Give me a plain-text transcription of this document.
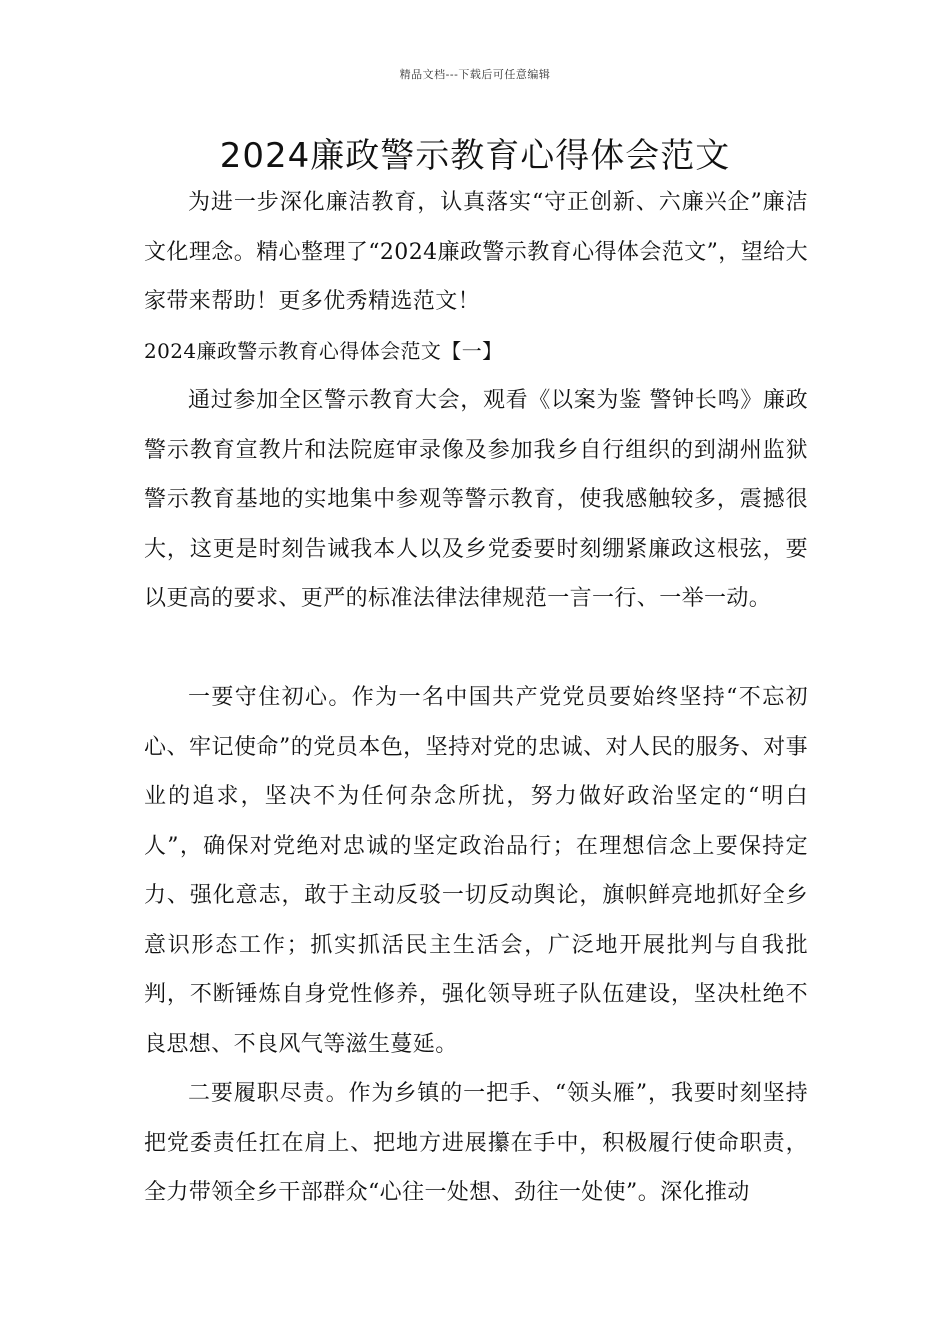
精品文档---下载后可任意编辑
2024廉政警示教育心得体会范文

为进一步深化廉洁教育，认真落实“守正创新、六廉兴企”廉洁文化理念。精心整理了“2024廉政警示教育心得体会范文”，望给大家带来帮助！更多优秀精选范文！

2024廉政警示教育心得体会范文【一】

通过参加全区警示教育大会，观看《以案为鉴 警钟长鸣》廉政警示教育宣教片和法院庭审录像及参加我乡自行组织的到湖州监狱警示教育基地的实地集中参观等警示教育，使我感触较多，震撼很大，这更是时刻告诫我本人以及乡党委要时刻绷紧廉政这根弦，要以更高的要求、更严的标准法律法律规范一言一行、一举一动。

一要守住初心。作为一名中国共产党党员要始终坚持“不忘初心、牢记使命”的党员本色，坚持对党的忠诚、对人民的服务、对事业的追求，坚决不为任何杂念所扰，努力做好政治坚定的“明白人”，确保对党绝对忠诚的坚定政治品行；在理想信念上要保持定力、强化意志，敢于主动反驳一切反动舆论，旗帜鲜亮地抓好全乡意识形态工作；抓实抓活民主生活会，广泛地开展批判与自我批判，不断锤炼自身党性修养，强化领导班子队伍建设，坚决杜绝不良思想、不良风气等滋生蔓延。

二要履职尽责。作为乡镇的一把手、“领头雁”，我要时刻坚持把党委责任扛在肩上、把地方进展攥在手中，积极履行使命职责，全力带领全乡干部群众“心往一处想、劲往一处使”。深化推动
